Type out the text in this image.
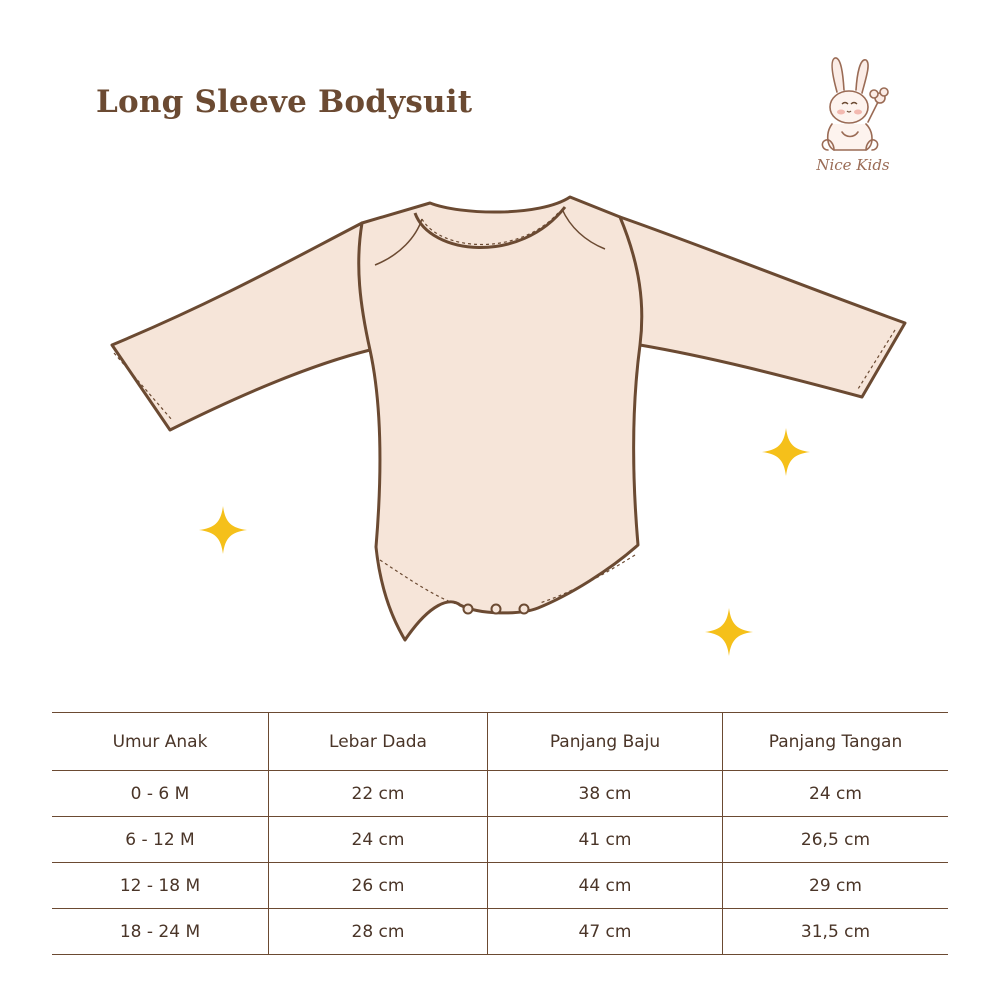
Long Sleeve Bodysuit
Nice Kids
Umur Anak	Lebar Dada	Panjang Baju	Panjang Tangan
0 - 6 M	22 cm	38 cm	24 cm
6 - 12 M	24 cm	41 cm	26,5 cm
12 - 18 M	26 cm	44 cm	29 cm
18 - 24 M	28 cm	47 cm	31,5 cm
